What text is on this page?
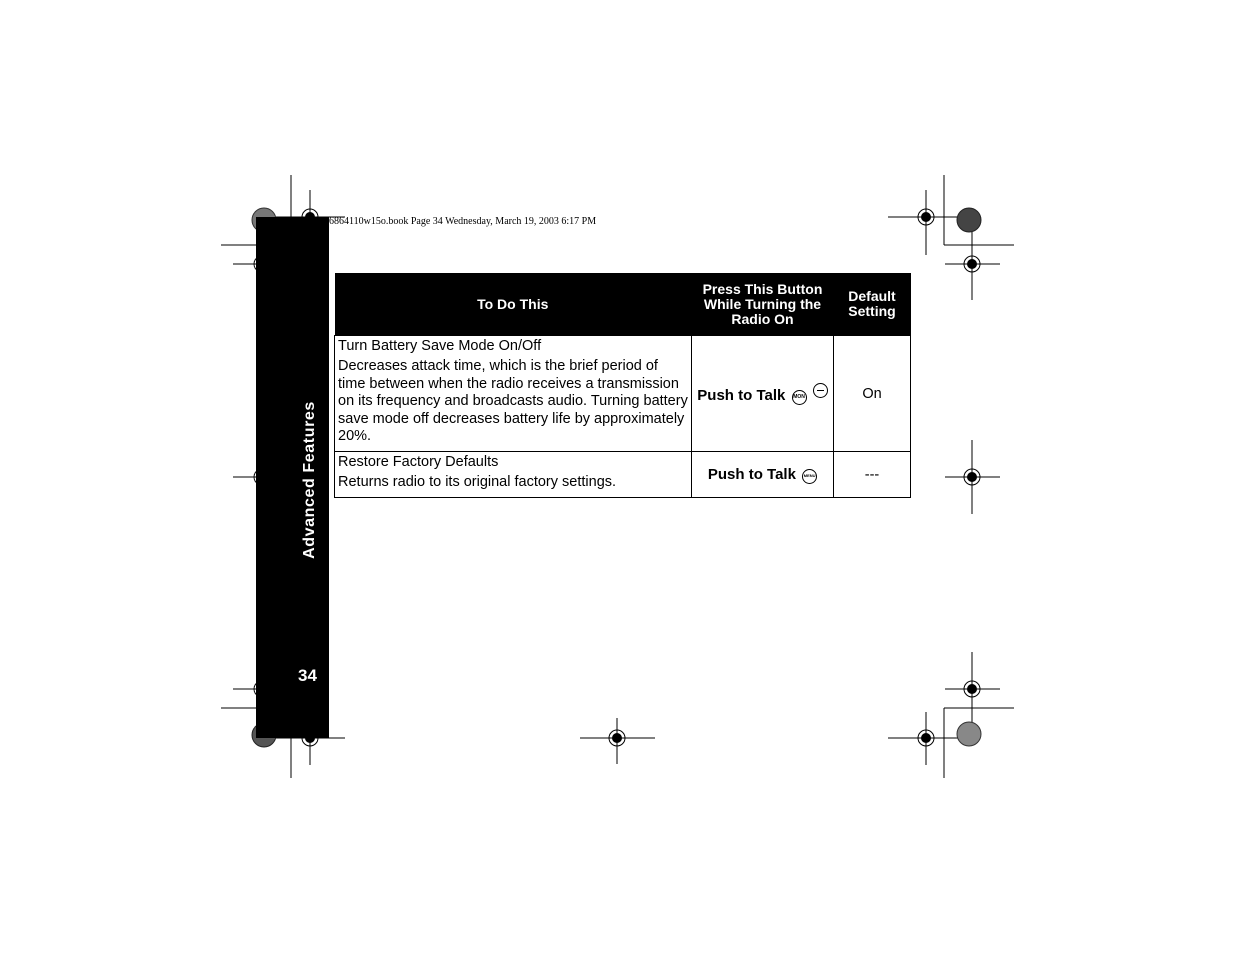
6864110w15o.book Page 34 Wednesday, March 19, 2003 6:17 PM
Advanced Features
34
To Do This	Press This Button While Turning the Radio On	Default Setting

Turn Battery Save Mode On/Off
Decreases attack time, which is the brief period of time between when the radio receives a transmission on its frequency and broadcasts audio. Turning battery save mode off decreases battery life by approximately 20%.	Push to Talk MON	On

Restore Factory Defaults
Returns radio to its original factory settings.	Push to Talk MENU	---
